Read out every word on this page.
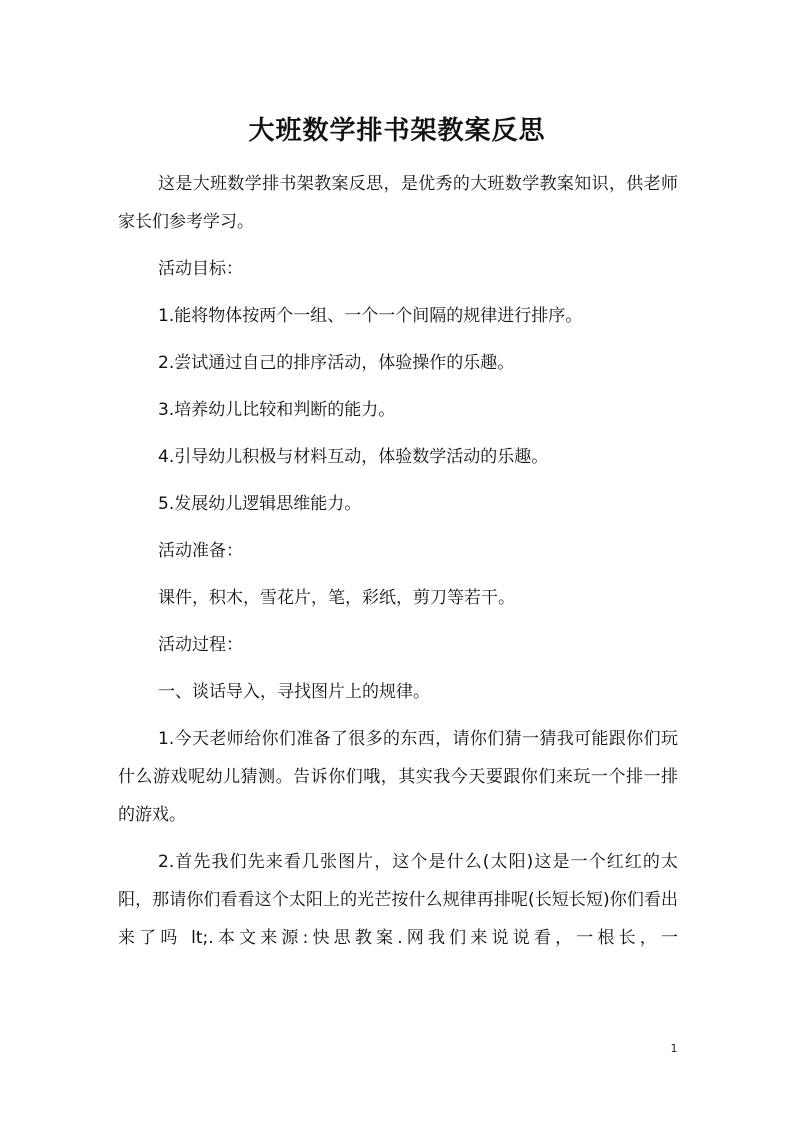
大班数学排书架教案反思

这是大班数学排书架教案反思，是优秀的大班数学教案知识，供老师家长们参考学习。

活动目标：

1.能将物体按两个一组、一个一个间隔的规律进行排序。

2.尝试通过自己的排序活动，体验操作的乐趣。

3.培养幼儿比较和判断的能力。

4.引导幼儿积极与材料互动，体验数学活动的乐趣。

5.发展幼儿逻辑思维能力。

活动准备：

课件，积木，雪花片，笔，彩纸，剪刀等若干。

活动过程：

一、谈话导入，寻找图片上的规律。

1.今天老师给你们准备了很多的东西，请你们猜一猜我可能跟你们玩什么游戏呢幼儿猜测。告诉你们哦，其实我今天要跟你们来玩一个排一排的游戏。

2.首先我们先来看几张图片，这个是什么(太阳)这是一个红红的太阳，那请你们看看这个太阳上的光芒按什么规律再排呢(长短长短)你们看出来了吗 lt;.本文来源:快思教案.网我们来说说看，一根长，一

1
